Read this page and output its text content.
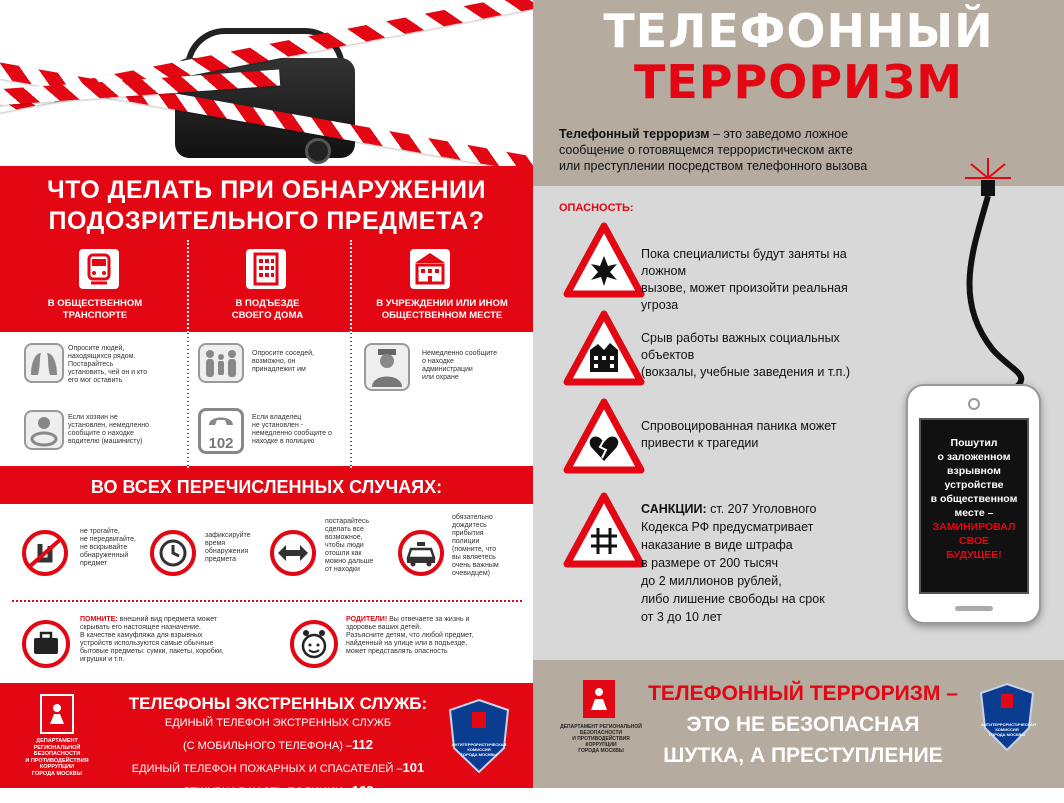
ЧТО ДЕЛАТЬ ПРИ ОБНАРУЖЕНИИ
ПОДОЗРИТЕЛЬНОГО ПРЕДМЕТА?
В ОБЩЕСТВЕННОМ
ТРАНСПОРТЕ
В ПОДЪЕЗДЕ
СВОЕГО ДОМА
В УЧРЕЖДЕНИИ ИЛИ ИНОМ
ОБЩЕСТВЕННОМ МЕСТЕ
Опросите людей,
находящихся рядом.
Постарайтесь
установить, чей он и кто
его мог оставить
Если хозяин не
установлен, немедленно
сообщите о находке
водителю (машинисту)
Опросите соседей,
возможно, он
принадлежит им
102
Если владелец
не установлен -
немедленно сообщите о
находке в полицию
Немедленно сообщите
о находке
администрации
или охране
ВО ВСЕХ ПЕРЕЧИСЛЕННЫХ СЛУЧАЯХ:
не трогайте,
не передвигайте,
не вскрывайте
обнаруженный
предмет
зафиксируйте
время
обнаружения
предмета
постарайтесь
сделать все
возможное,
чтобы люди
отошли как
можно дальше
от находки
обязательно
дождитесь
прибытия
полиции
(помните, что
вы являетесь
очень важным
очевидцем)
ПОМНИТЕ: внешний вид предмета может
скрывать его настоящее назначение.
В качестве камуфляжа для взрывных
устройств используются самые обычные
бытовые предметы: сумки, пакеты, коробки,
игрушки и т.п.
РОДИТЕЛИ! Вы отвечаете за жизнь и
здоровье ваших детей.
Разъясните детям, что любой предмет,
найденный на улице или в подъезде,
может представлять опасность
ДЕПАРТАМЕНТ РЕГИОНАЛЬНОЙ
БЕЗОПАСНОСТИ
И ПРОТИВОДЕЙСТВИЯ
КОРРУПЦИИ
ГОРОДА МОСКВЫ
ТЕЛЕФОНЫ ЭКСТРЕННЫХ СЛУЖБ:
ЕДИНЫЙ ТЕЛЕФОН ЭКСТРЕННЫХ СЛУЖБ
(С МОБИЛЬНОГО ТЕЛЕФОНА) –112
ЕДИНЫЙ ТЕЛЕФОН ПОЖАРНЫХ И СПАСАТЕЛЕЙ –101
ДЕЖУРНАЯ ЧАСТЬ ПОЛИЦИИ –102
АНТИТЕРРОРИСТИЧЕСКАЯ
КОМИССИЯ
ГОРОДА МОСКВЫ
ТЕЛЕФОННЫЙ
ТЕРРОРИЗМ
Телефонный терроризм – это заведомо ложное
сообщение о готовящемся террористическом акте
или преступлении посредством телефонного вызова
ОПАСНОСТЬ:
Пока специалисты будут заняты на ложном
вызове, может произойти реальная угроза
Срыв работы важных социальных объектов
(вокзалы, учебные заведения и т.п.)
Спровоцированная паника может
привести к трагедии
САНКЦИИ: ст. 207 Уголовного
Кодекса РФ предусматривает
наказание в виде штрафа
в размере от 200 тысяч
до 2 миллионов рублей,
либо лишение свободы на срок
от 3 до 10 лет
Пошутил
о заложенном
взрывном
устройстве
в общественном
месте –
ЗАМИНИРОВАЛ
СВОЕ
БУДУЩЕЕ!
ДЕПАРТАМЕНТ РЕГИОНАЛЬНОЙ
БЕЗОПАСНОСТИ
И ПРОТИВОДЕЙСТВИЯ
КОРРУПЦИИ
ГОРОДА МОСКВЫ
ТЕЛЕФОННЫЙ ТЕРРОРИЗМ –
ЭТО НЕ БЕЗОПАСНАЯ
ШУТКА, А ПРЕСТУПЛЕНИЕ
АНТИТЕРРОРИСТИЧЕСКАЯ
КОМИССИЯ
ГОРОДА МОСКВЫ
